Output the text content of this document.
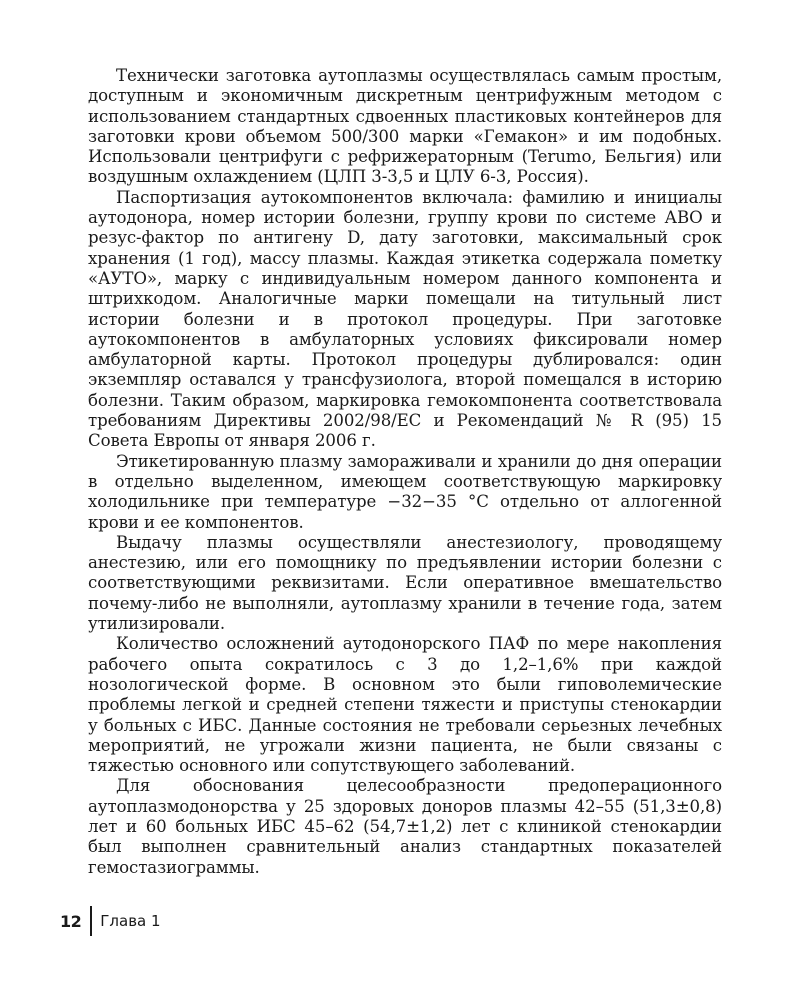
Технически заготовка аутоплазмы осуществлялась самым простым, доступным и экономичным дискретным центрифужным методом с использованием стандартных сдвоенных пластиковых контейнеров для заготовки крови объемом 500/300 марки «Гемакон» и им подобных. Использовали центрифуги с рефрижераторным (Terumo, Бельгия) или воздушным охлаждением (ЦЛП 3-3,5 и ЦЛУ 6-3, Россия).

Паспортизация аутокомпонентов включала: фамилию и инициалы аутодонора, номер истории болезни, группу крови по системе АВО и резус-фактор по антигену D, дату заготовки, максимальный срок хранения (1 год), массу плазмы. Каждая этикетка содержала пометку «АУТО», марку с индивидуальным номером данного компонента и штрихкодом. Аналогичные марки помещали на титульный лист истории болезни и в протокол процедуры. При заготовке аутокомпонентов в амбулаторных условиях фиксировали номер амбулаторной карты. Протокол процедуры дублировался: один экземпляр оставался у трансфузиолога, второй помещался в историю болезни. Таким образом, маркировка гемокомпонента соответствовала требованиям Директивы 2002/98/ЕС и Рекомендаций № R (95) 15 Совета Европы от января 2006 г.

Этикетированную плазму замораживали и хранили до дня операции в отдельно выделенном, имеющем соответствующую маркировку холодильнике при температуре −32−35 °С отдельно от аллогенной крови и ее компонентов.

Выдачу плазмы осуществляли анестезиологу, проводящему анестезию, или его помощнику по предъявлении истории болезни с соответствующими реквизитами. Если оперативное вмешательство почему-либо не выполняли, аутоплазму хранили в течение года, затем утилизировали.

Количество осложнений аутодонорского ПАФ по мере накопления рабочего опыта сократилось с 3 до 1,2–1,6% при каждой нозологической форме. В основном это были гиповолемические проблемы легкой и средней степени тяжести и приступы стенокардии у больных с ИБС. Данные состояния не требовали серьезных лечебных мероприятий, не угрожали жизни пациента, не были связаны с тяжестью основного или сопутствующего заболеваний.

Для обоснования целесообразности предоперационного аутоплазмодонорства у 25 здоровых доноров плазмы 42–55 (51,3±0,8) лет и 60 больных ИБС 45–62 (54,7±1,2) лет с клиникой стенокардии был выполнен сравнительный анализ стандартных показателей гемостазиограммы.

12 Глава 1
